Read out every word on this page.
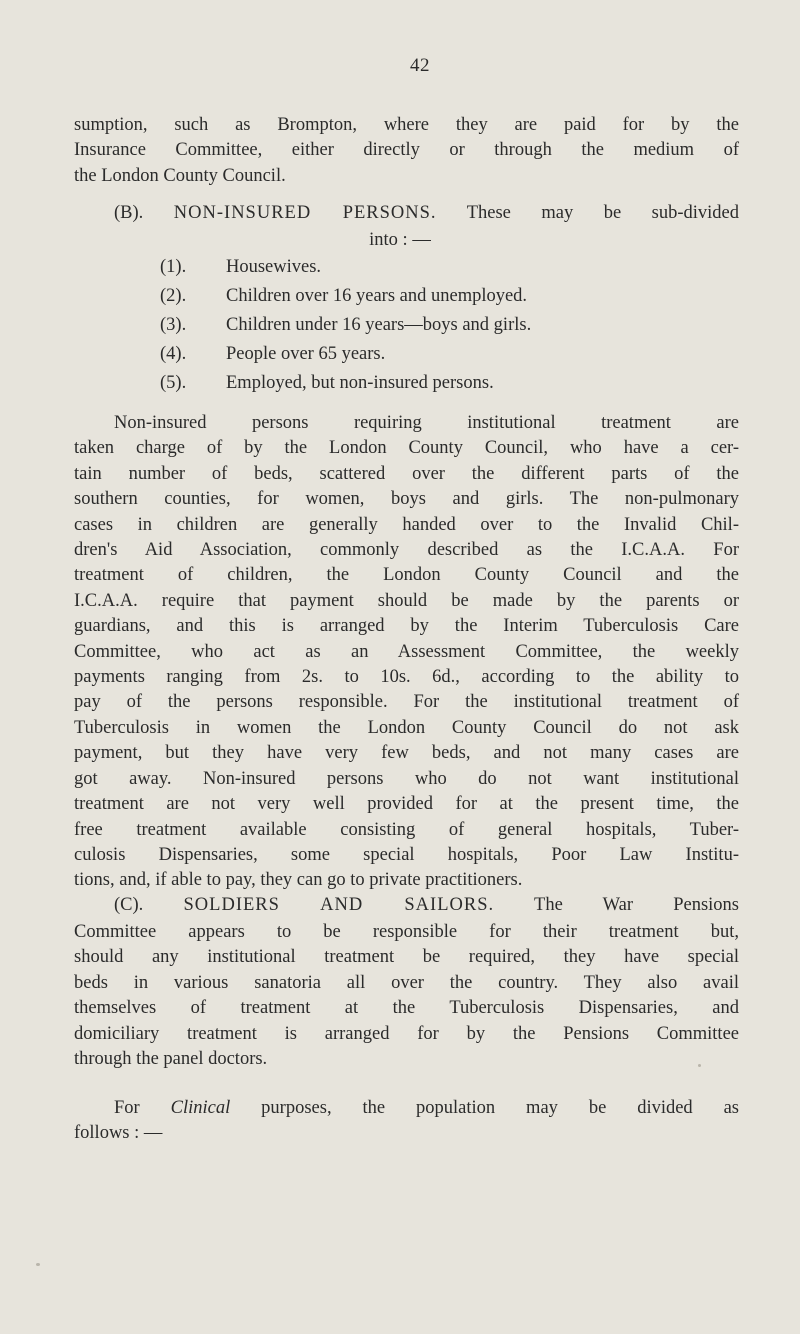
42
sumption, such as Brompton, where they are paid for by the
Insurance Committee, either directly or through the medium of
the London County Council.
(B). NON-INSURED PERSONS. These may be sub-divided
into : —
(1).	Housewives.
(2).	Children over 16 years and unemployed.
(3).	Children under 16 years—boys and girls.
(4).	People over 65 years.
(5).	Employed, but non-insured persons.
Non-insured persons requiring institutional treatment are
taken charge of by the London County Council, who have a cer-
tain number of beds, scattered over the different parts of the
southern counties, for women, boys and girls. The non-pulmonary
cases in children are generally handed over to the Invalid Chil-
dren's Aid Association, commonly described as the I.C.A.A. For
treatment of children, the London County Council and the
I.C.A.A. require that payment should be made by the parents or
guardians, and this is arranged by the Interim Tuberculosis Care
Committee, who act as an Assessment Committee, the weekly
payments ranging from 2s. to 10s. 6d., according to the ability to
pay of the persons responsible. For the institutional treatment of
Tuberculosis in women the London County Council do not ask
payment, but they have very few beds, and not many cases are
got away. Non-insured persons who do not want institutional
treatment are not very well provided for at the present time, the
free treatment available consisting of general hospitals, Tuber-
culosis Dispensaries, some special hospitals, Poor Law Institu-
tions, and, if able to pay, they can go to private practitioners.
(C). SOLDIERS AND SAILORS. The War Pensions
Committee appears to be responsible for their treatment but,
should any institutional treatment be required, they have special
beds in various sanatoria all over the country. They also avail
themselves of treatment at the Tuberculosis Dispensaries, and
domiciliary treatment is arranged for by the Pensions Committee
through the panel doctors.
For Clinical purposes, the population may be divided as
follows : —
